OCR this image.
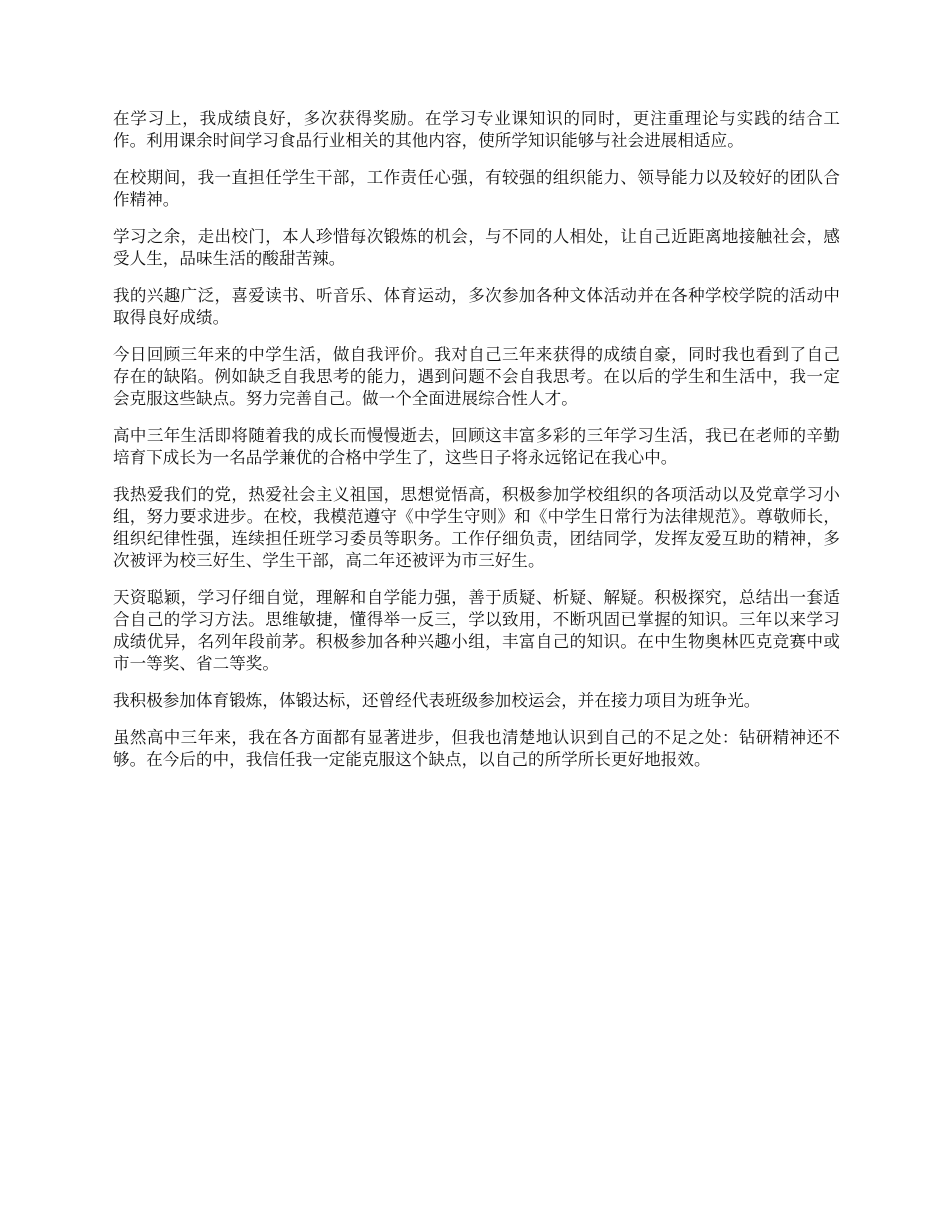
在学习上，我成绩良好，多次获得奖励。在学习专业课知识的同时，更注重理论与实践的结合工作。利用课余时间学习食品行业相关的其他内容，使所学知识能够与社会进展相适应。

在校期间，我一直担任学生干部，工作责任心强，有较强的组织能力、领导能力以及较好的团队合作精神。

学习之余，走出校门，本人珍惜每次锻炼的机会，与不同的人相处，让自己近距离地接触社会，感受人生，品味生活的酸甜苦辣。

我的兴趣广泛，喜爱读书、听音乐、体育运动，多次参加各种文体活动并在各种学校学院的活动中取得良好成绩。

今日回顾三年来的中学生活，做自我评价。我对自己三年来获得的成绩自豪，同时我也看到了自己存在的缺陷。例如缺乏自我思考的能力，遇到问题不会自我思考。在以后的学生和生活中，我一定会克服这些缺点。努力完善自己。做一个全面进展综合性人才。

高中三年生活即将随着我的成长而慢慢逝去，回顾这丰富多彩的三年学习生活，我已在老师的辛勤培育下成长为一名品学兼优的合格中学生了，这些日子将永远铭记在我心中。

我热爱我们的党，热爱社会主义祖国，思想觉悟高，积极参加学校组织的各项活动以及党章学习小组，努力要求进步。在校，我模范遵守《中学生守则》和《中学生日常行为法律规范》。尊敬师长，组织纪律性强，连续担任班学习委员等职务。工作仔细负责，团结同学，发挥友爱互助的精神，多次被评为校三好生、学生干部，高二年还被评为市三好生。

天资聪颖，学习仔细自觉，理解和自学能力强，善于质疑、析疑、解疑。积极探究，总结出一套适合自己的学习方法。思维敏捷，懂得举一反三，学以致用，不断巩固已掌握的知识。三年以来学习成绩优异，名列年段前茅。积极参加各种兴趣小组，丰富自己的知识。在中生物奥林匹克竞赛中或市一等奖、省二等奖。

我积极参加体育锻炼，体锻达标，还曾经代表班级参加校运会，并在接力项目为班争光。

虽然高中三年来，我在各方面都有显著进步，但我也清楚地认识到自己的不足之处：钻研精神还不够。在今后的中，我信任我一定能克服这个缺点，以自己的所学所长更好地报效。
